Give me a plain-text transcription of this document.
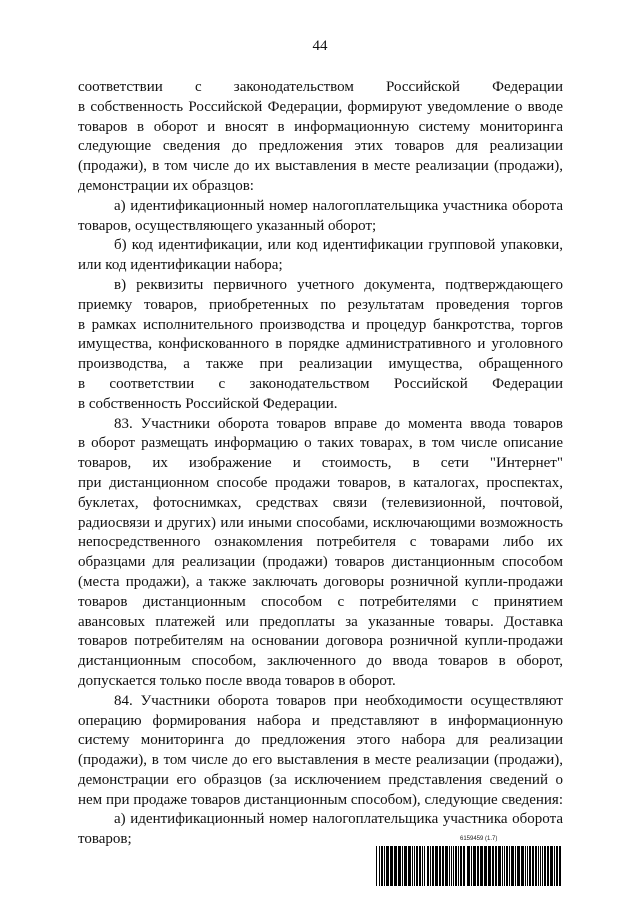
44
соответствии с законодательством Российской Федерации
в собственность Российской Федерации, формируют уведомление о вводе
товаров в оборот и вносят в информационную систему мониторинга
следующие сведения до предложения этих товаров для реализации
(продажи), в том числе до их выставления в месте реализации (продажи),
демонстрации их образцов:
а) идентификационный номер налогоплательщика участника оборота
товаров, осуществляющего указанный оборот;
б) код идентификации, или код идентификации групповой упаковки,
или код идентификации набора;
в) реквизиты первичного учетного документа, подтверждающего
приемку товаров, приобретенных по результатам проведения торгов
в рамках исполнительного производства и процедур банкротства, торгов
имущества, конфискованного в порядке административного и уголовного
производства, а также при реализации имущества, обращенного
в соответствии с законодательством Российской Федерации
в собственность Российской Федерации.
83. Участники оборота товаров вправе до момента ввода товаров
в оборот размещать информацию о таких товарах, в том числе описание
товаров, их изображение и стоимость, в сети "Интернет"
при дистанционном способе продажи товаров, в каталогах, проспектах,
буклетах, фотоснимках, средствах связи (телевизионной, почтовой,
радиосвязи и других) или иными способами, исключающими возможность
непосредственного ознакомления потребителя с товарами либо их
образцами для реализации (продажи) товаров дистанционным способом
(места продажи), а также заключать договоры розничной купли-продажи
товаров дистанционным способом с потребителями с принятием
авансовых платежей или предоплаты за указанные товары. Доставка
товаров потребителям на основании договора розничной купли-продажи
дистанционным способом, заключенного до ввода товаров в оборот,
допускается только после ввода товаров в оборот.
84. Участники оборота товаров при необходимости осуществляют
операцию формирования набора и представляют в информационную
систему мониторинга до предложения этого набора для реализации
(продажи), в том числе до его выставления в месте реализации (продажи),
демонстрации его образцов (за исключением представления сведений о
нем при продаже товаров дистанционным способом), следующие сведения:
а) идентификационный номер налогоплательщика участника оборота
товаров;	6159459 (1.7)
